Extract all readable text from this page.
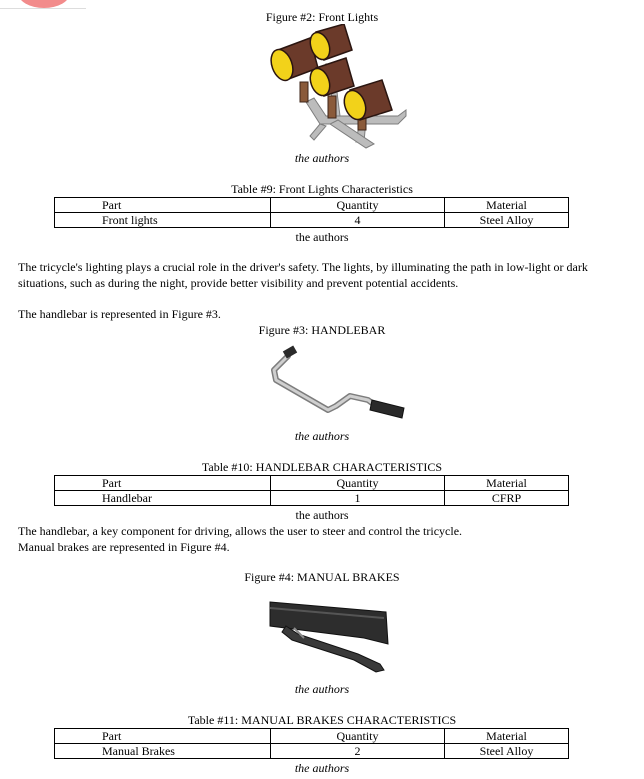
Figure #2: Front Lights
the authors
Table #9: Front Lights Characteristics
Part	Quantity	Material
Front lights	4	Steel Alloy
the authors
The tricycle's lighting plays a crucial role in the driver's safety. The lights, by illuminating the path in low-light or dark situations, such as during the night, provide better visibility and prevent potential accidents.
The handlebar is represented in Figure #3.
Figure #3: HANDLEBAR
the authors
Table #10: HANDLEBAR CHARACTERISTICS
Part	Quantity	Material
Handlebar	1	CFRP
the authors
The handlebar, a key component for driving, allows the user to steer and control the tricycle.
Manual brakes are represented in Figure #4.
Figure #4: MANUAL BRAKES
the authors
Table #11: MANUAL BRAKES CHARACTERISTICS
Part	Quantity	Material
Manual Brakes	2	Steel Alloy
the authors
